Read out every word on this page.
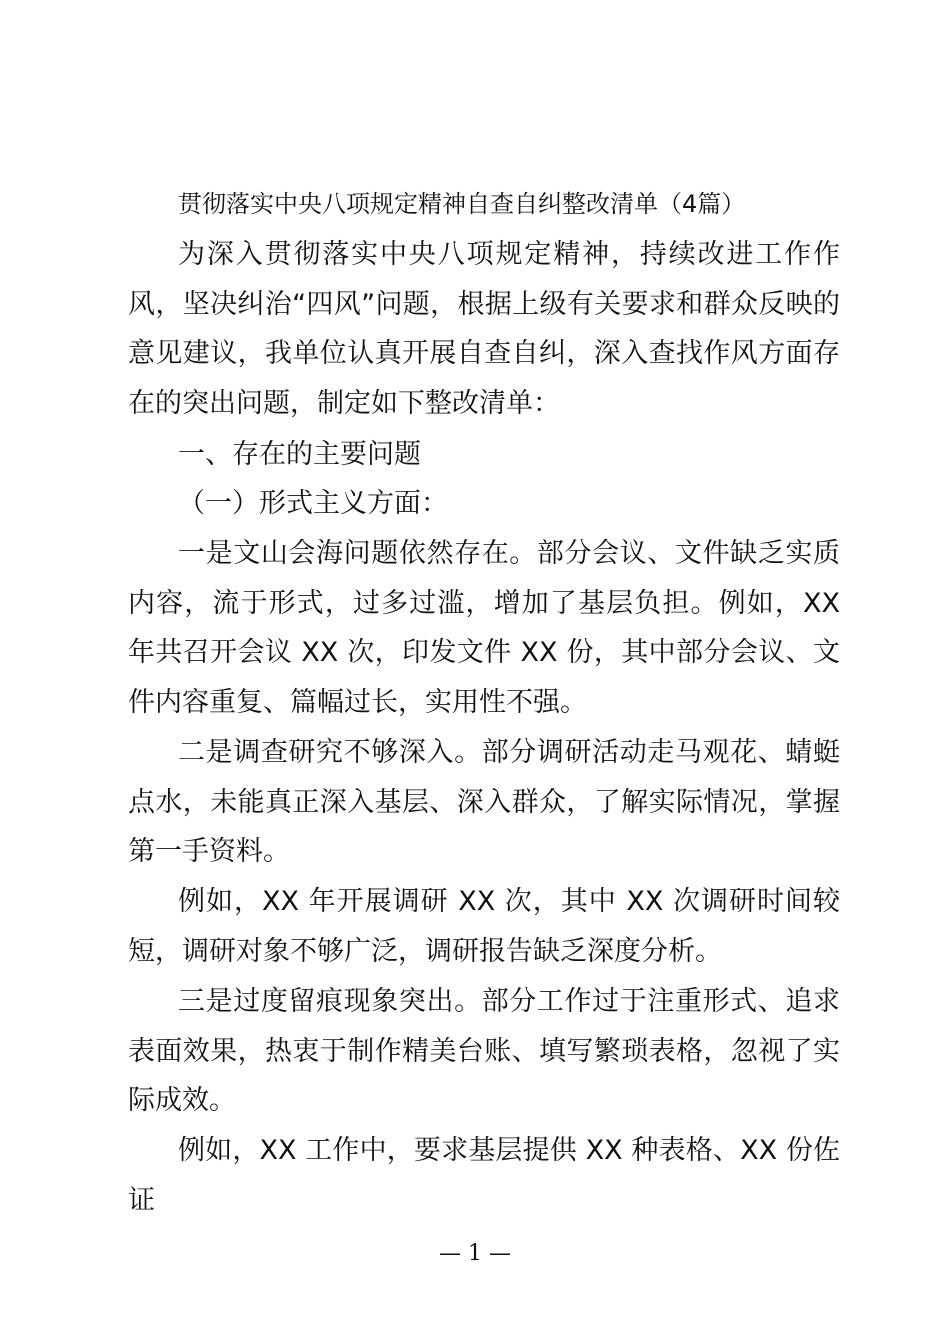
贯彻落实中央八项规定精神自查自纠整改清单（4篇）
为深入贯彻落实中央八项规定精神，持续改进工作作风，坚决纠治“四风”问题，根据上级有关要求和群众反映的意见建议，我单位认真开展自查自纠，深入查找作风方面存在的突出问题，制定如下整改清单：
一、存在的主要问题
（一）形式主义方面：
一是文山会海问题依然存在。部分会议、文件缺乏实质内容，流于形式，过多过滥，增加了基层负担。例如，XX 年共召开会议 XX 次，印发文件 XX 份，其中部分会议、文件内容重复、篇幅过长，实用性不强。
二是调查研究不够深入。部分调研活动走马观花、蜻蜓点水，未能真正深入基层、深入群众，了解实际情况，掌握第一手资料。
例如，XX 年开展调研 XX 次，其中 XX 次调研时间较短，调研对象不够广泛，调研报告缺乏深度分析。
三是过度留痕现象突出。部分工作过于注重形式、追求表面效果，热衷于制作精美台账、填写繁琐表格，忽视了实际成效。
例如，XX 工作中，要求基层提供 XX 种表格、XX 份佐证
— 1 —
